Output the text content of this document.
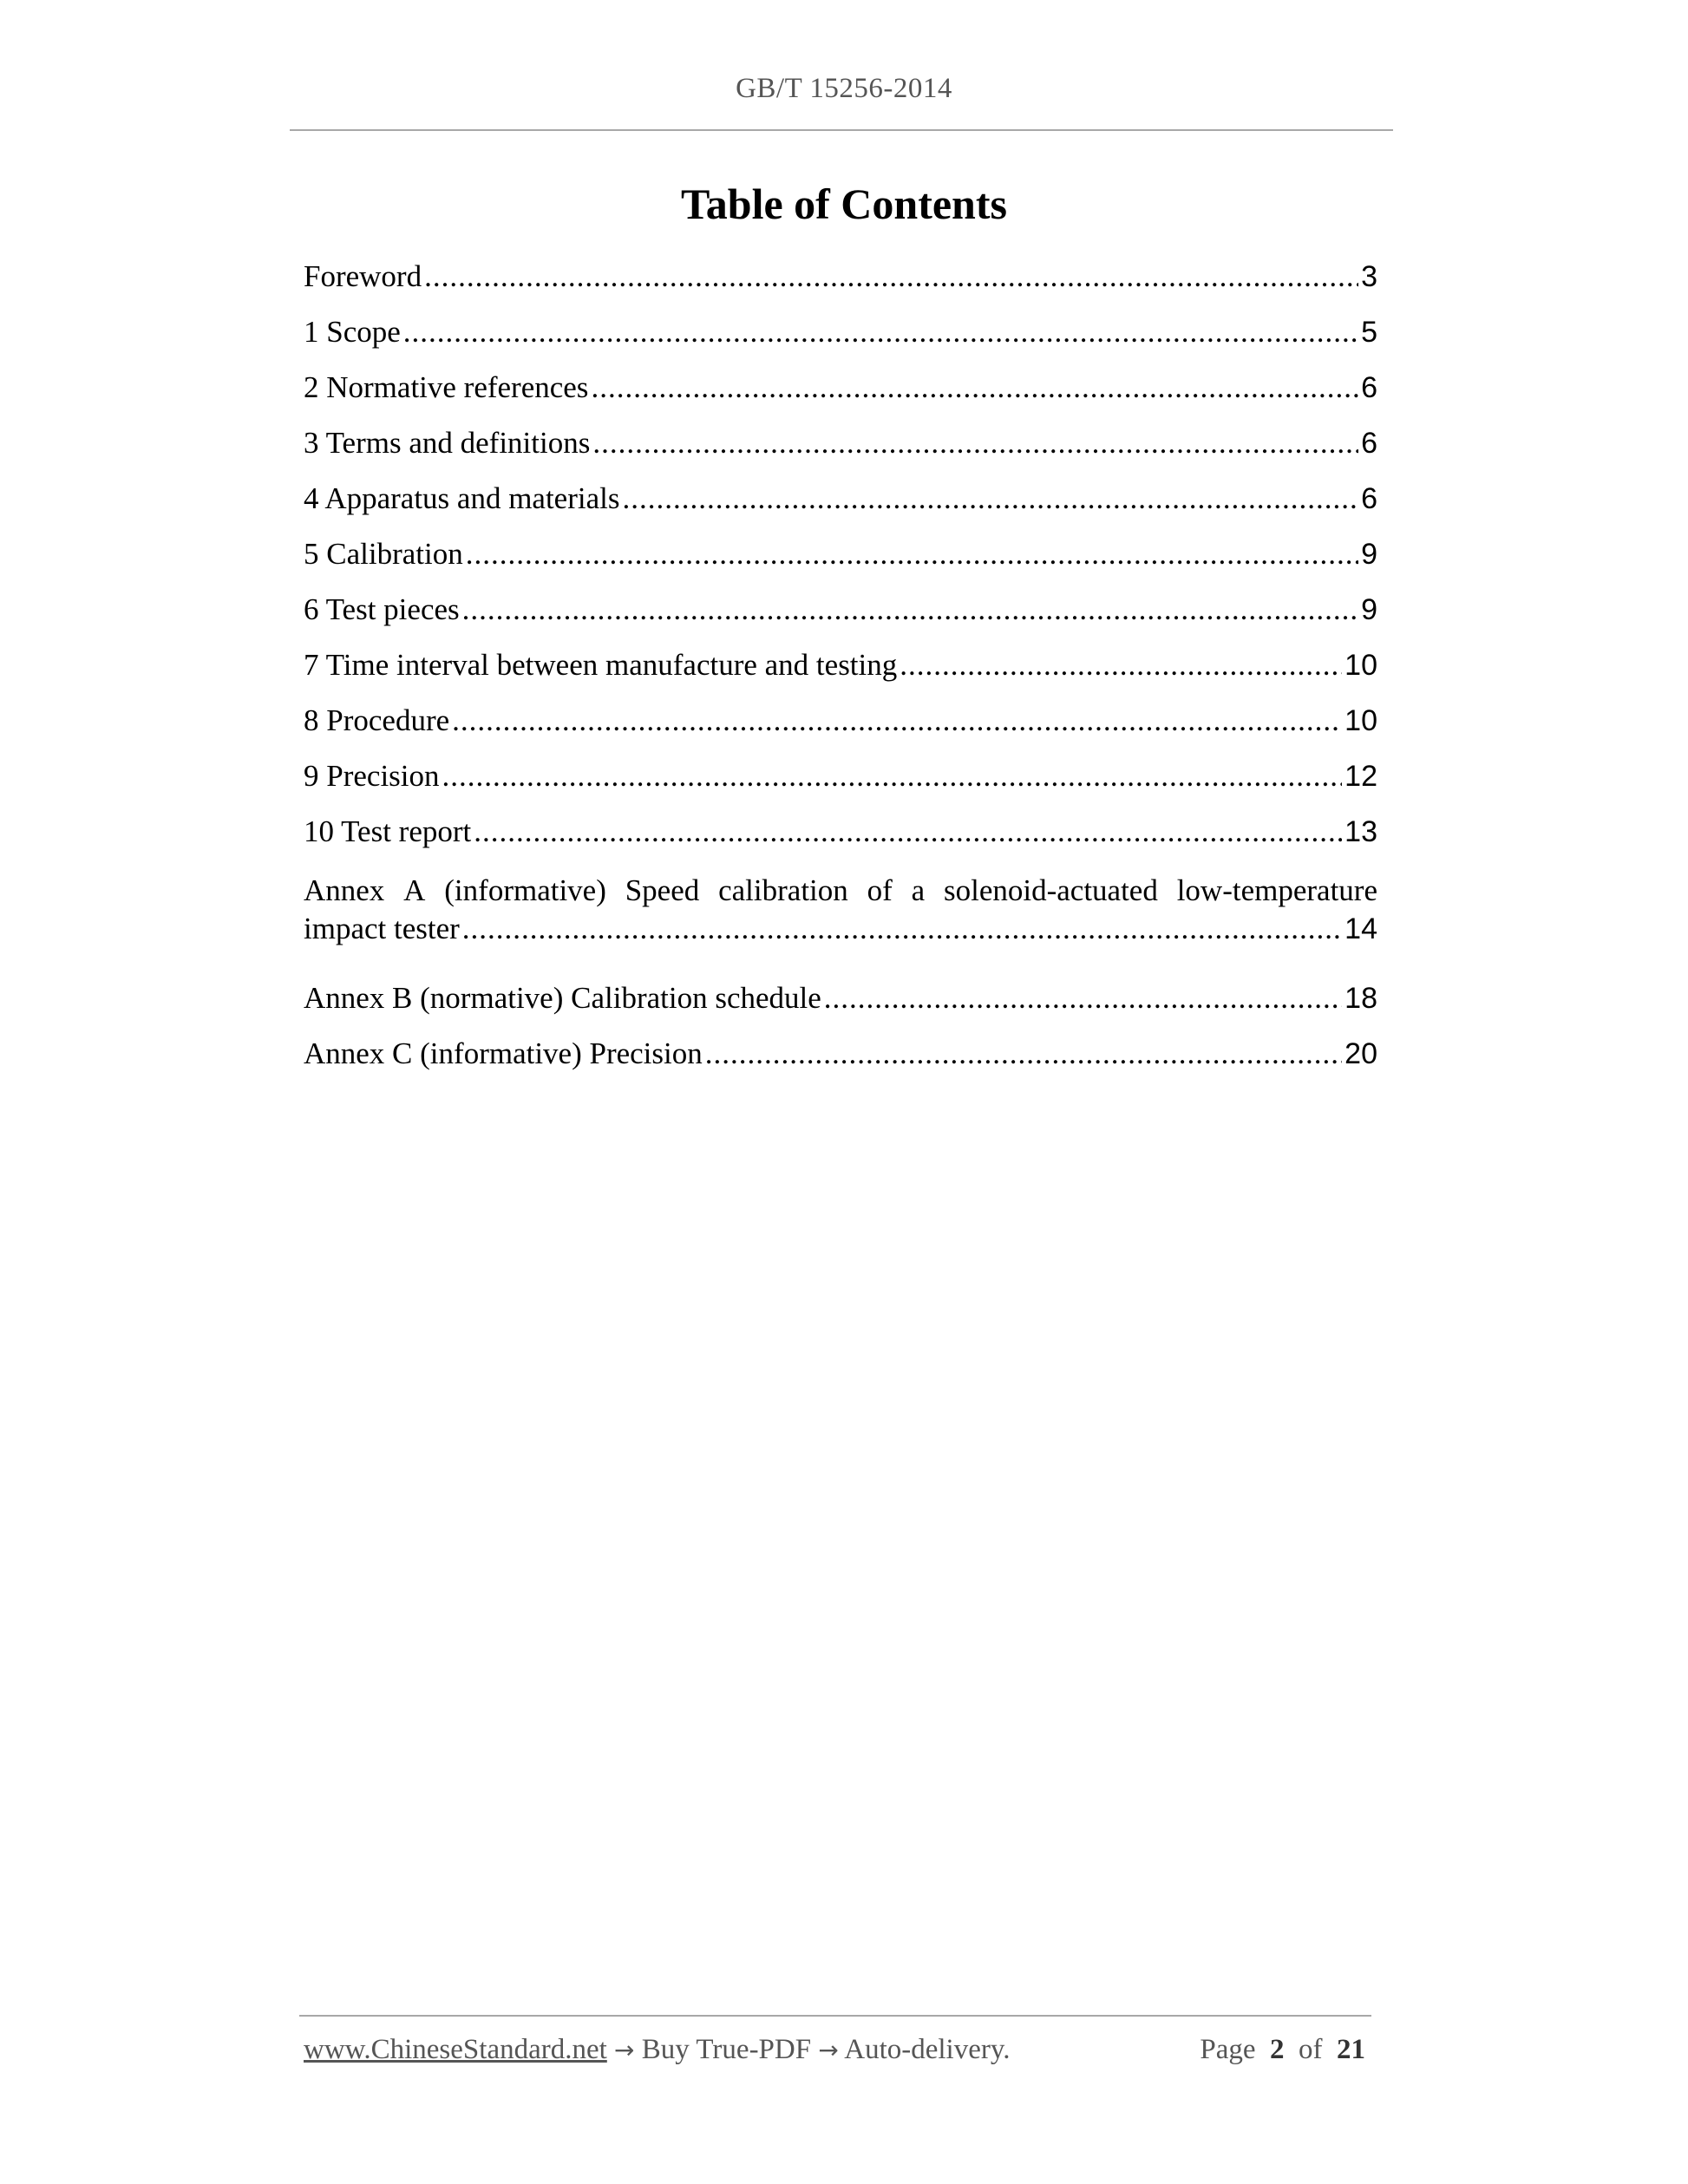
GB/T 15256-2014
Table of Contents
Foreword .....	3
1 Scope .....	5
2 Normative references .....	6
3 Terms and definitions .....	6
4 Apparatus and materials .....	6
5 Calibration .....	9
6 Test pieces .....	9
7 Time interval between manufacture and testing .....	10
8 Procedure .....	10
9 Precision .....	12
10 Test report .....	13
Annex A (informative) Speed calibration of a solenoid-actuated low-temperature
impact tester .....	14
Annex B (normative) Calibration schedule .....	18
Annex C (informative) Precision .....	20
www.ChineseStandard.net → Buy True-PDF → Auto-delivery.	Page 2 of 21
